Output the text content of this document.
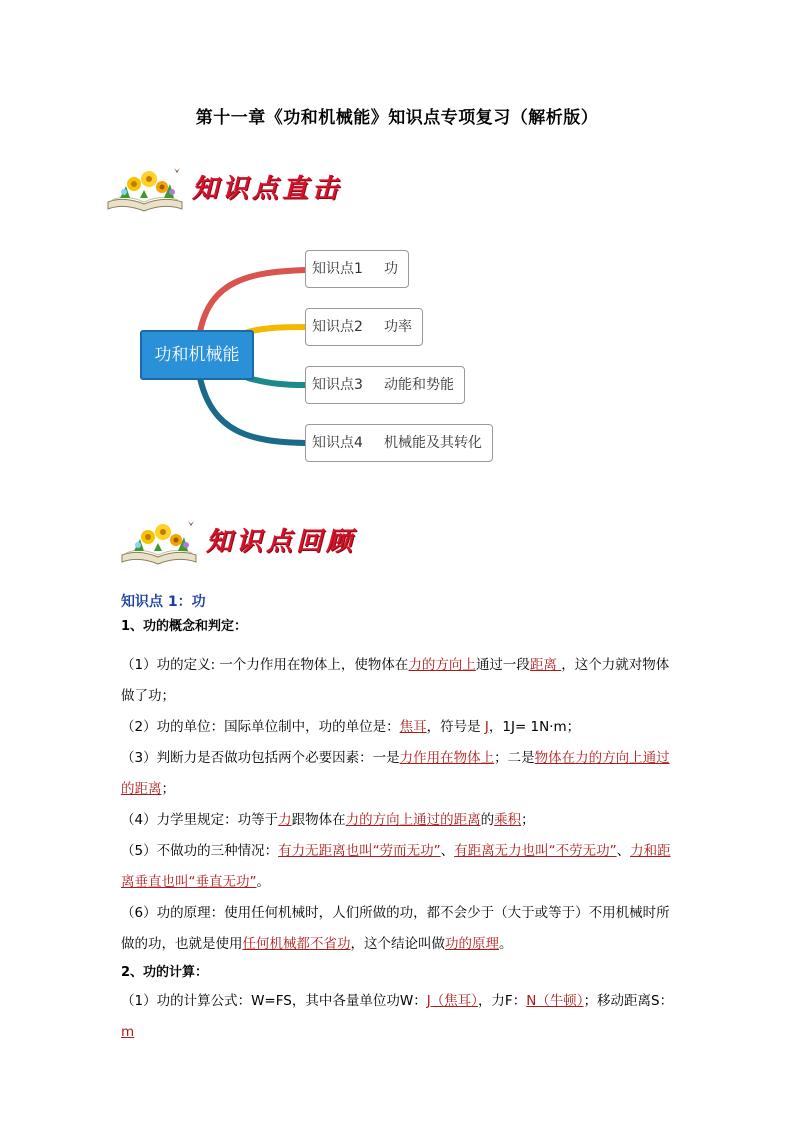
第十一章《功和机械能》知识点专项复习（解析版）
知识点直击
功和机械能
知识点1 功
知识点2 功率
知识点3 动能和势能
知识点4 机械能及其转化
知识点回顾
知识点 1：功
1、功的概念和判定：

（1）功的定义: 一个力作用在物体上，使物体在力的方向上通过一段距离 ，这个力就对物体做了功；

（2）功的单位：国际单位制中，功的单位是：焦耳，符号是 J，1J= 1N·m；

（3）判断力是否做功包括两个必要因素：一是力作用在物体上；二是物体在力的方向上通过的距离；

（4）力学里规定：功等于力跟物体在力的方向上通过的距离的乘积；

（5）不做功的三种情况：有力无距离也叫“劳而无功”、有距离无力也叫“不劳无功”、力和距离垂直也叫“垂直无功”。

（6）功的原理：使用任何机械时，人们所做的功，都不会少于（大于或等于）不用机械时所做的功，也就是使用任何机械都不省功，这个结论叫做功的原理。

2、功的计算：

（1）功的计算公式：W=FS，其中各量单位功W：J（焦耳），力F：N（牛顿）；移动距离S：m
